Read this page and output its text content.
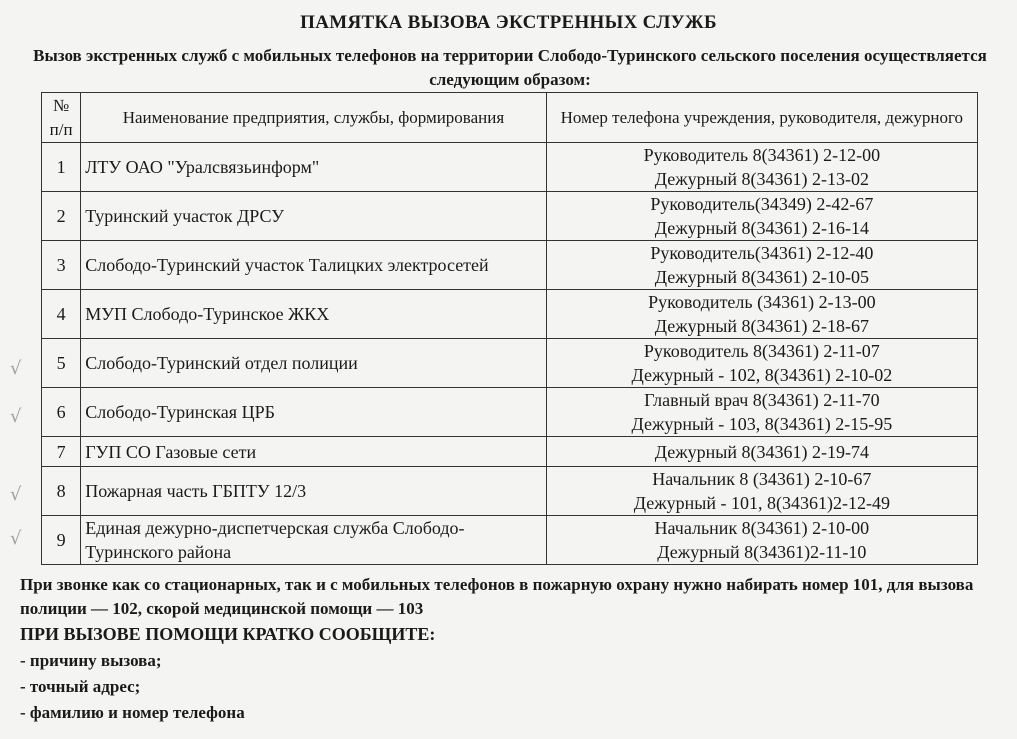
ПАМЯТКА ВЫЗОВА ЭКСТРЕННЫХ СЛУЖБ
Вызов экстренных служб с мобильных телефонов на территории Слободо-Туринского сельского поселения осуществляется следующим образом:
№
п/п	Наименование предприятия, службы, формирования	Номер телефона учреждения, руководителя, дежурного
1	ЛТУ ОАО "Уралсвязьинформ"	Руководитель 8(34361) 2-12-00
Дежурный 8(34361) 2-13-02

2	Туринский участок ДРСУ	Руководитель(34349) 2-42-67
Дежурный 8(34361) 2-16-14

3	Слободо-Туринский участок Талицких электросетей	Руководитель(34361) 2-12-40
Дежурный 8(34361) 2-10-05

4	МУП Слободо-Туринское ЖКХ	Руководитель (34361) 2-13-00
Дежурный 8(34361) 2-18-67

5	Слободо-Туринский отдел полиции	Руководитель 8(34361) 2-11-07
Дежурный - 102, 8(34361) 2-10-02

6	Слободо-Туринская ЦРБ	Главный врач 8(34361) 2-11-70
Дежурный - 103, 8(34361) 2-15-95

7	ГУП СО Газовые сети	Дежурный 8(34361) 2-19-74

8	Пожарная часть ГБПТУ 12/3	Начальник 8 (34361) 2-10-67
Дежурный - 101, 8(34361)2-12-49

9	Единая дежурно-диспетчерская служба Слободо-Туринского района	Начальник 8(34361) 2-10-00
Дежурный 8(34361)2-11-10
√
√
√
√
При звонке как со стационарных, так и с мобильных телефонов в пожарную охрану нужно набирать номер 101, для вызова полиции — 102, скорой медицинской помощи — 103
ПРИ ВЫЗОВЕ ПОМОЩИ КРАТКО СООБЩИТЕ:
- причину вызова;
- точный адрес;
- фамилию и номер телефона
